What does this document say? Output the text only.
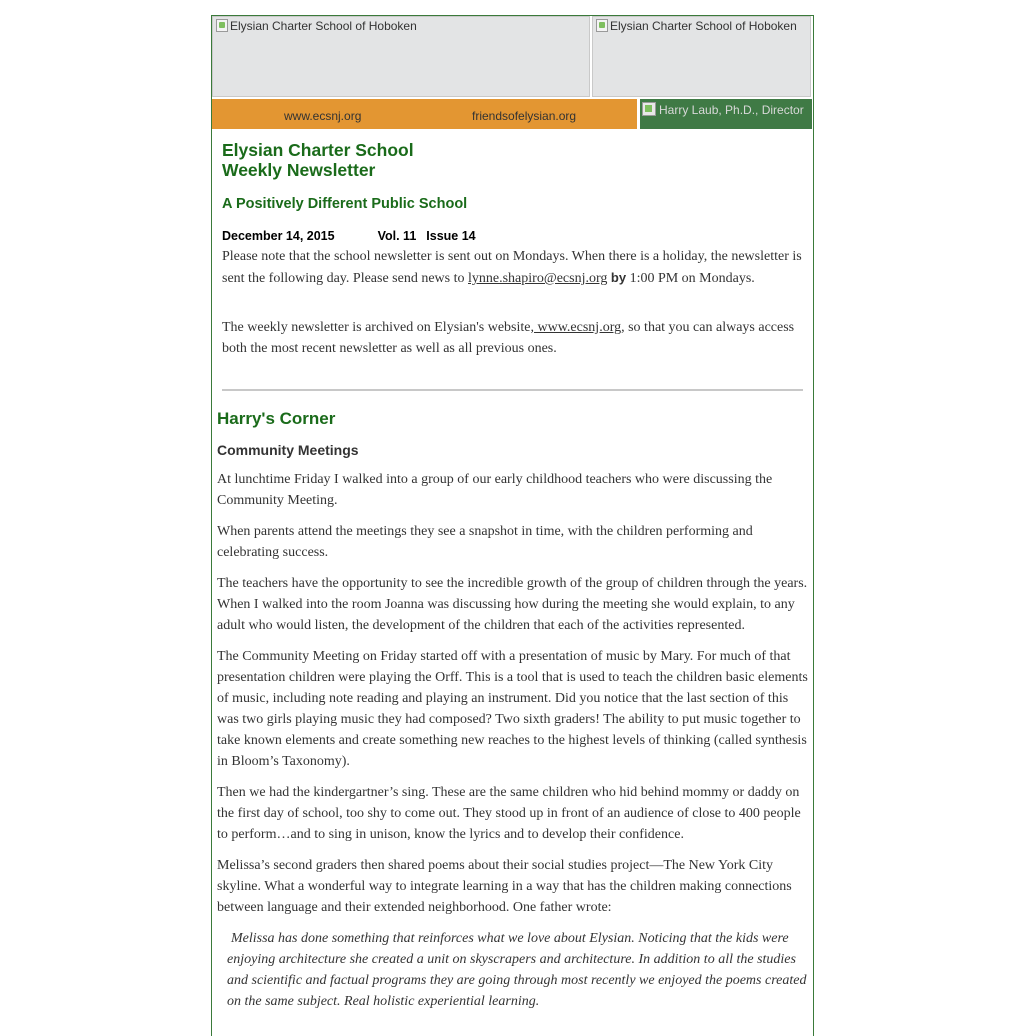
Elysian Charter School of Hoboken	Elysian Charter School of Hoboken
www.ecsnj.org	friendsofelysian.org	Harry Laub, Ph.D., Director
Elysian Charter School
Weekly Newsletter
A Positively Different Public School
December 14, 2015	Vol. 11 Issue 14

Please note that the school newsletter is sent out on Mondays. When there is a holiday, the newsletter is sent the following day. Please send news to lynne.shapiro@ecsnj.org by 1:00 PM on Mondays.

The weekly newsletter is archived on Elysian's website, www.ecsnj.org, so that you can always access both the most recent newsletter as well as all previous ones.

Harry's Corner
Community Meetings

At lunchtime Friday I walked into a group of our early childhood teachers who were discussing the Community Meeting.

When parents attend the meetings they see a snapshot in time, with the children performing and celebrating success.

The teachers have the opportunity to see the incredible growth of the group of children through the years. When I walked into the room Joanna was discussing how during the meeting she would explain, to any adult who would listen, the development of the children that each of the activities represented.

The Community Meeting on Friday started off with a presentation of music by Mary. For much of that presentation children were playing the Orff. This is a tool that is used to teach the children basic elements of music, including note reading and playing an instrument. Did you notice that the last section of this was two girls playing music they had composed? Two sixth graders! The ability to put music together to take known elements and create something new reaches to the highest levels of thinking (called synthesis in Bloom’s Taxonomy).

Then we had the kindergartner’s sing. These are the same children who hid behind mommy or daddy on the first day of school, too shy to come out. They stood up in front of an audience of close to 400 people to perform…and to sing in unison, know the lyrics and to develop their confidence.

Melissa’s second graders then shared poems about their social studies project—The New York City skyline. What a wonderful way to integrate learning in a way that has the children making connections between language and their extended neighborhood. One father wrote:

Melissa has done something that reinforces what we love about Elysian. Noticing that the kids were enjoying architecture she created a unit on skyscrapers and architecture. In addition to all the studies and scientific and factual programs they are going through most recently we enjoyed the poems created on the same subject. Real holistic experiential learning.
